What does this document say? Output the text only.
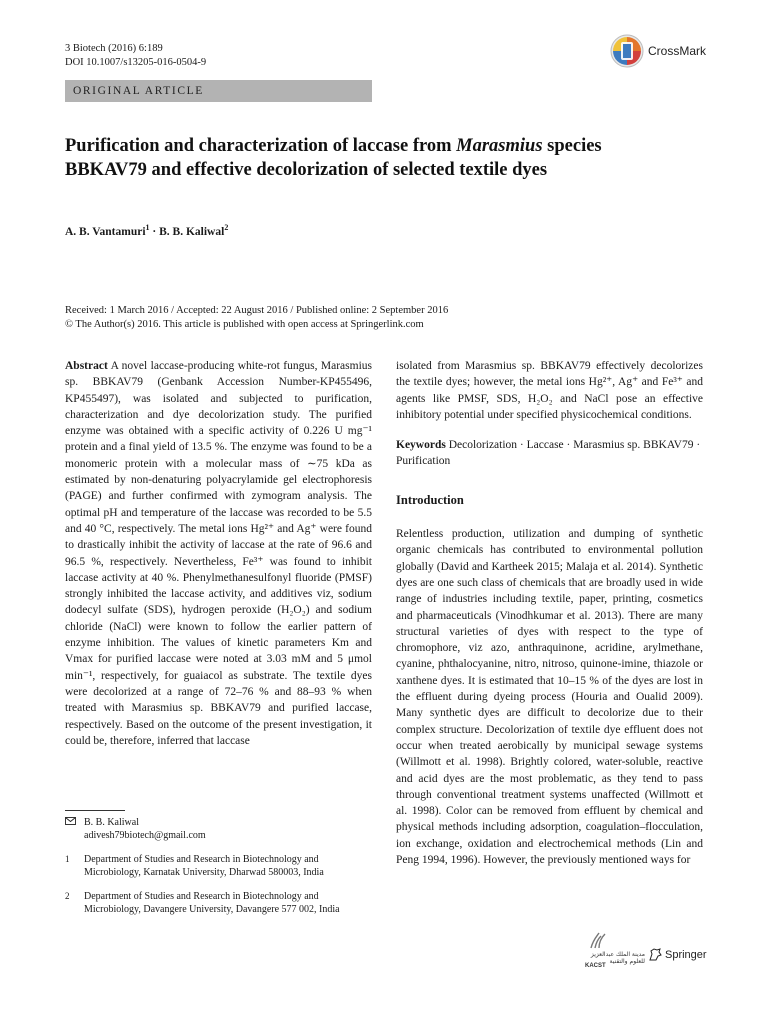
3 Biotech (2016) 6:189
DOI 10.1007/s13205-016-0504-9
CrossMark
ORIGINAL ARTICLE
Purification and characterization of laccase from Marasmius species BBKAV79 and effective decolorization of selected textile dyes
A. B. Vantamuri$^1$ · B. B. Kaliwal$^2$
Received: 1 March 2016 / Accepted: 22 August 2016 / Published online: 2 September 2016
© The Author(s) 2016. This article is published with open access at Springerlink.com
Abstract A novel laccase-producing white-rot fungus, Marasmius sp. BBKAV79 (Genbank Accession Number-KP455496, KP455497), was isolated and subjected to purification, characterization and dye decolorization study. The purified enzyme was obtained with a specific activity of 0.226 U mg⁻¹ protein and a final yield of 13.5 %. The enzyme was found to be a monomeric protein with a molecular mass of ∼75 kDa as estimated by non-denaturing polyacrylamide gel electrophoresis (PAGE) and further confirmed with zymogram analysis. The optimal pH and temperature of the laccase was recorded to be 5.5 and 40 °C, respectively. The metal ions Hg²⁺ and Ag⁺ were found to drastically inhibit the activity of laccase at the rate of 96.6 and 96.5 %, respectively. Nevertheless, Fe³⁺ was found to inhibit laccase activity at 40 %. Phenylmethanesulfonyl fluoride (PMSF) strongly inhibited the laccase activity, and additives viz, sodium dodecyl sulfate (SDS), hydrogen peroxide (H₂O₂) and sodium chloride (NaCl) were known to follow the earlier pattern of enzyme inhibition. The values of kinetic parameters Km and Vmax for purified laccase were noted at 3.03 mM and 5 μmol min⁻¹, respectively, for guaiacol as substrate. The textile dyes were decolorized at a range of 72–76 % and 88–93 % when treated with Marasmius sp. BBKAV79 and purified laccase, respectively. Based on the outcome of the present investigation, it could be, therefore, inferred that laccase
B. B. Kaliwal
adivesh79biotech@gmail.com
1	Department of Studies and Research in Biotechnology and Microbiology, Karnatak University, Dharwad 580003, India
2	Department of Studies and Research in Biotechnology and Microbiology, Davangere University, Davangere 577 002, India
isolated from Marasmius sp. BBKAV79 effectively decolorizes the textile dyes; however, the metal ions Hg²⁺, Ag⁺ and Fe³⁺ and agents like PMSF, SDS, H₂O₂ and NaCl pose an effective inhibitory potential under specified physicochemical conditions.
Keywords Decolorization · Laccase · Marasmius sp. BBKAV79 · Purification
Introduction
Relentless production, utilization and dumping of synthetic organic chemicals has contributed to environmental pollution globally (David and Kartheek 2015; Malaja et al. 2014). Synthetic dyes are one such class of chemicals that are broadly used in wide range of industries including textile, paper, printing, cosmetics and pharmaceuticals (Vinodhkumar et al. 2013). There are many structural varieties of dyes with respect to the type of chromophore, viz azo, anthraquinone, acridine, arylmethane, cyanine, phthalocyanine, nitro, nitroso, quinone-imine, thiazole or xanthene dyes. It is estimated that 10–15 % of the dyes are lost in the effluent during dyeing process (Houria and Oualid 2009). Many synthetic dyes are difficult to decolorize due to their complex structure. Decolorization of textile dye effluent does not occur when treated aerobically by municipal sewage systems (Willmott et al. 1998). Brightly colored, water-soluble, reactive and acid dyes are the most problematic, as they tend to pass through conventional treatment systems unaffected (Willmott et al. 1998). Color can be removed from effluent by chemical and physical methods including adsorption, coagulation–flocculation, ion exchange, oxidation and electrochemical methods (Lin and Peng 1994, 1996). However, the previously mentioned ways for
مدينة الملك عبدالعزيز للعلوم والتقنية
KACST
Springer
